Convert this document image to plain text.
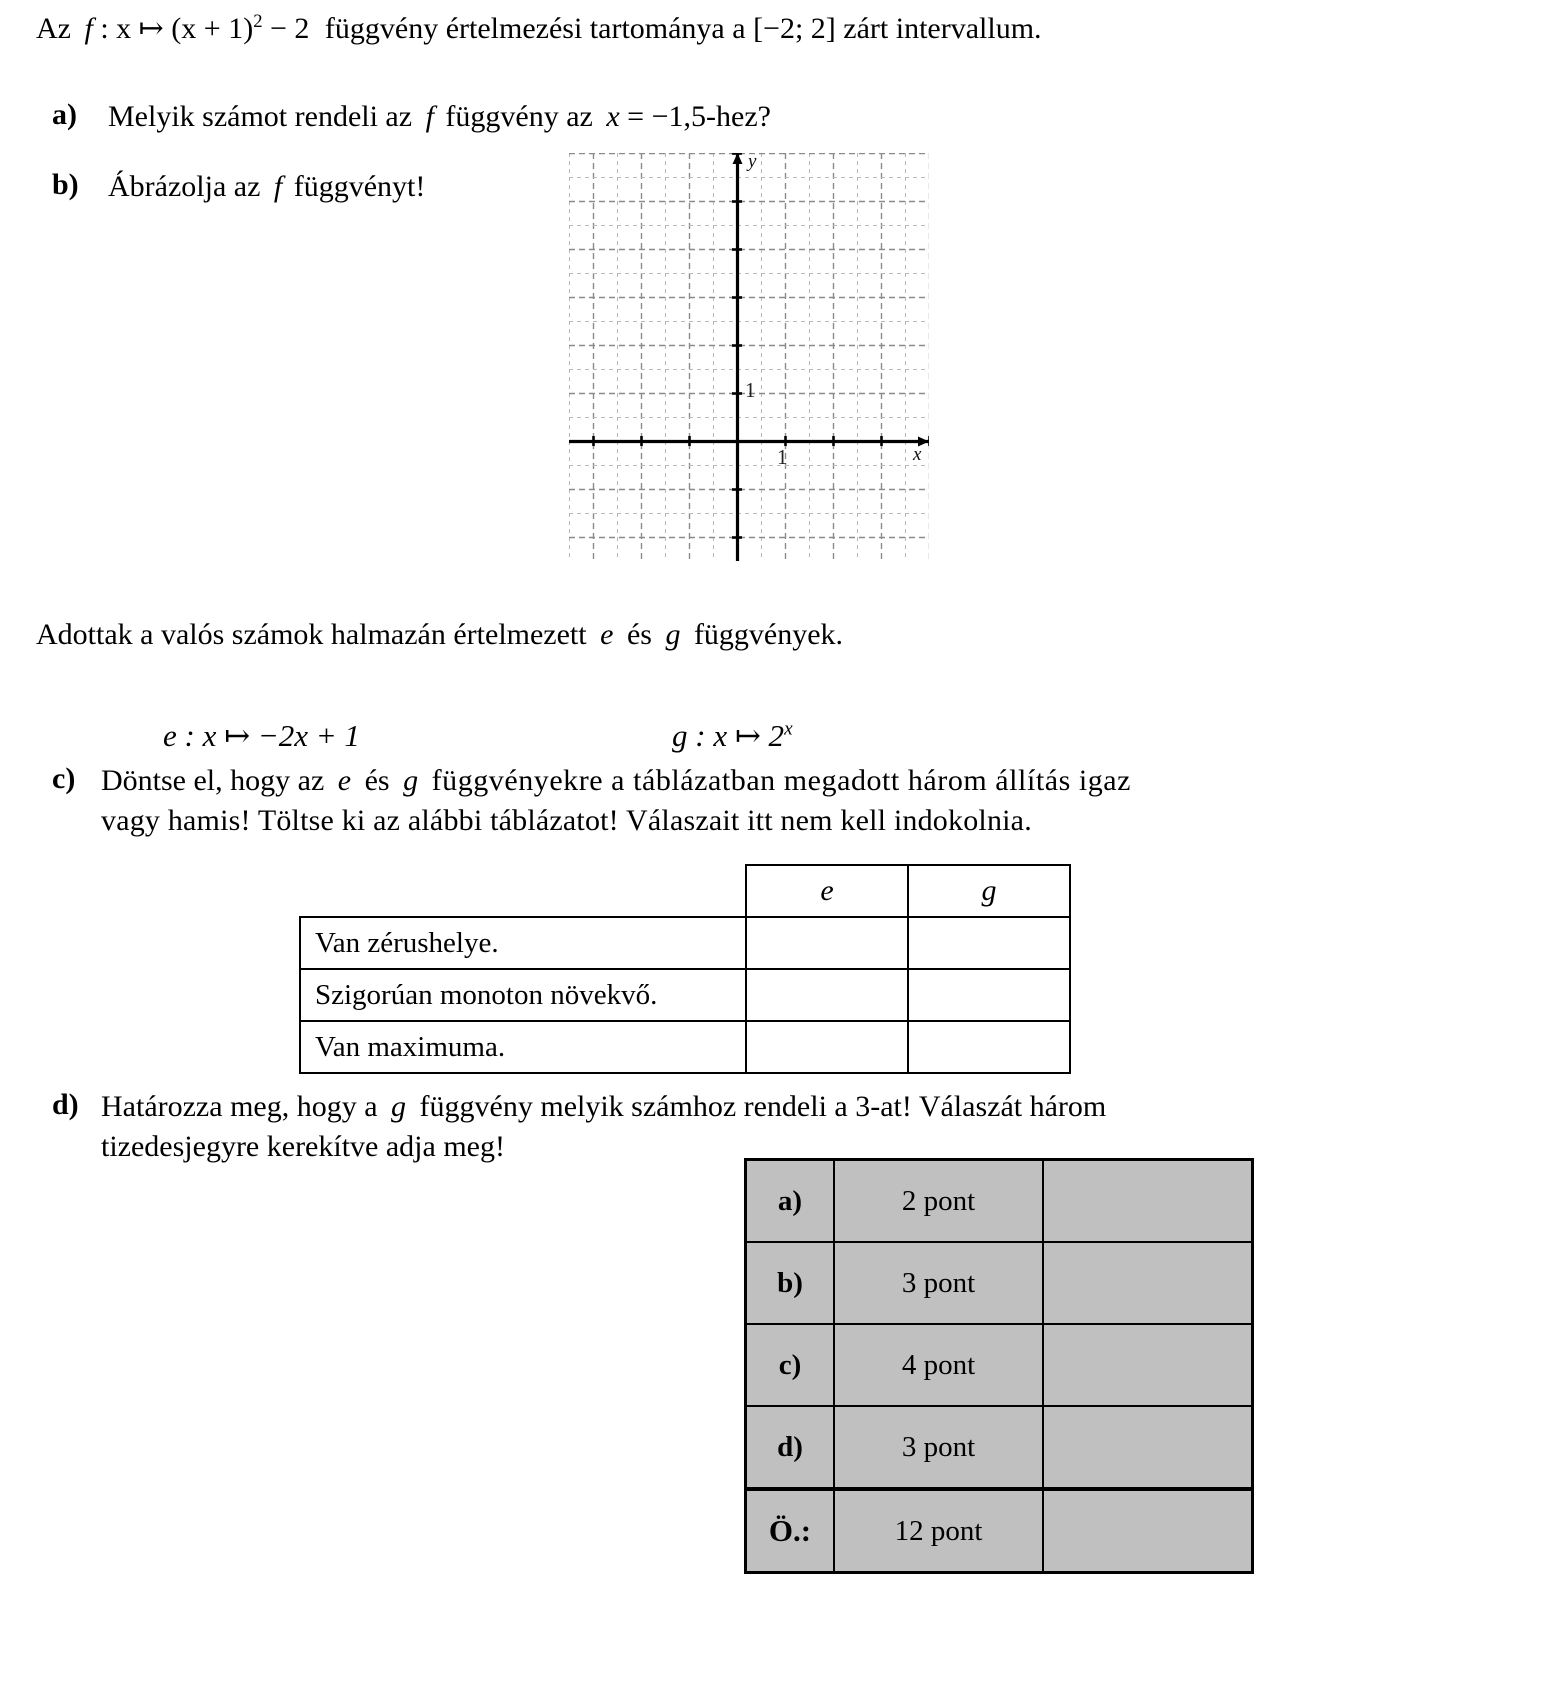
Az f : x ↦ $(x + 1)^2 - 2$ függvény értelmezési tartománya a [−2; 2] zárt intervallum.
a) Melyik számot rendeli az f függvény az x = −1,5-hez?
b) Ábrázolja az f függvényt!
y
x
1
1
Adottak a valós számok halmazán értelmezett e és g függvények.
e : x ↦ −2x + 1	g : x ↦ 2$^x$
c) Döntse el, hogy az e és g függvényekre a táblázatban megadott három állítás igaz
vagy hamis! Töltse ki az alábbi táblázatot! Válaszait itt nem kell indokolnia.
	e	g
Van zérushelye.		
Szigorúan monoton növekvő.		
Van maximuma.		
d) Határozza meg, hogy a g függvény melyik számhoz rendeli a 3-at! Válaszát három
tizedesjegyre kerekítve adja meg!
a)	2 pont	
b)	3 pont	
c)	4 pont	
d)	3 pont	
Ö.:	12 pont	
